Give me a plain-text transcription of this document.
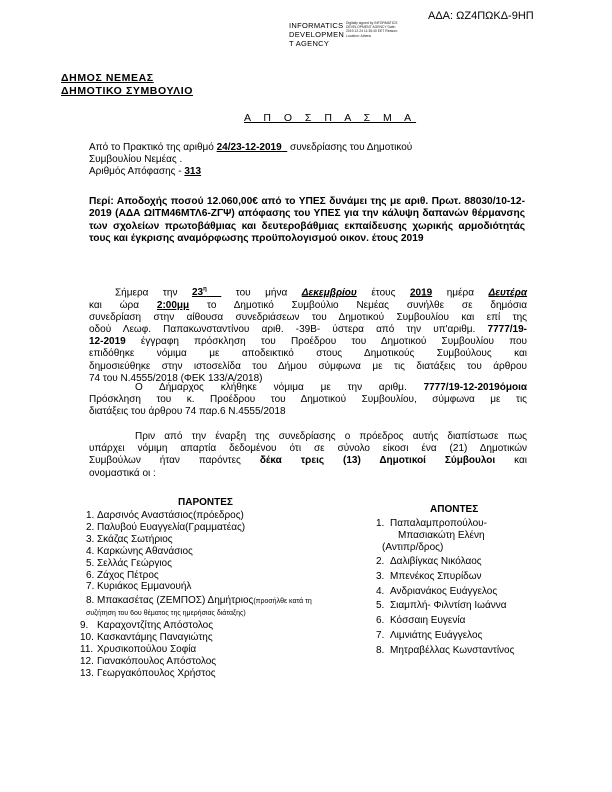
ΑΔΑ: ΩΖ4ΠΩΚΔ-9ΗΠ
INFORMATICS
DEVELOPMEN
T AGENCY
Digitally signed by INFORMATICS DEVELOPMENT AGENCY Date: 2019.12.24 11:35:40 EET Reason: Location: Athens
ΔΗΜΟΣ ΝΕΜΕΑΣ
ΔΗΜΟΤΙΚΟ ΣΥΜΒΟΥΛΙΟ
Α Π Ο Σ Π Α Σ Μ Α
Από το Πρακτικό της αριθμό 24/23-12-2019 συνεδρίασης του Δημοτικού
Συμβουλίου Νεμέας .
Αριθμός Απόφασης - 313
Περί: Αποδοχής ποσού 12.060,00€ από το ΥΠΕΣ δυνάμει της με αριθ. Πρωτ. 88030/10-12-2019 (ΑΔΑ ΩΙΤΜ46ΜΤΛ6-ΖΓΨ) απόφασης του ΥΠΕΣ για την κάλυψη δαπανών θέρμανσης των σχολείων πρωτοβάθμιας και δευτεροβάθμιας εκπαίδευσης χωρικής αρμοδιότητάς τους και έγκρισης αναμόρφωσης προϋπολογισμού οικον. έτους 2019
Σήμερα την $23^\eta$	του μήνα Δεκεμβρίου έτους 2019 ημέρα Δευτέρα
και ώρα 2:00μμ το Δημοτικό Συμβούλιο Νεμέας συνήλθε σε δημόσια
συνεδρίαση στην αίθουσα συνεδριάσεων του Δημοτικού Συμβουλίου και επί της
οδού Λεωφ. Παπακωνσταντίνου αριθ. -39Β- ύστερα από την υπ'αριθμ. 7777/19-
12-2019 έγγραφη πρόσκληση του Προέδρου του Δημοτικού Συμβουλίου που
επιδόθηκε νόμιμα με αποδεικτικό στους Δημοτικούς Συμβούλους και
δημοσιεύθηκε στην ιστοσελίδα του Δήμου σύμφωνα με τις διατάξεις του άρθρου
74 του Ν.4555/2018 (ΦΕΚ 133/Α/2018)
Ο Δήμαρχος κλήθηκε νόμιμα με την αριθμ. 7777/19-12-2019όμοια
Πρόσκληση του κ. Προέδρου του Δημοτικού Συμβουλίου, σύμφωνα με τις
διατάξεις του άρθρου 74 παρ.6 Ν.4555/2018
Πριν από την έναρξη της συνεδρίασης ο πρόεδρος αυτής διαπίστωσε πως
υπάρχει νόμιμη απαρτία δεδομένου ότι σε σύνολο είκοσι ένα (21) Δημοτικών
Συμβούλων ήταν παρόντες δέκα τρεις (13) Δημοτικοί Σύμβουλοι και
ονομαστικά οι :
ΠΑΡΟΝΤΕΣ
1. Δαρσινός Αναστάσιος(πρόεδρος)
2. Παλυβού Ευαγγελία(Γραμματέας)
3. Σκάζας Σωτήριος
4. Καρκώνης Αθανάσιος
5. Σελλάς Γεώργιος
6. Ζάχος Πέτρος
7. Κυριάκος Εμμανουήλ
8. Μπακασέτας (ΖΕΜΠΟΣ) Δημήτριος(προσήλθε κατά τη συζήτηση του 6ου θέματος της ημερήσιας διάταξης)
9. Καραχοντζίτης Απόστολος
10. Κασκαντάμης Παναγιώτης
11. Χρυσικοπούλου Σοφία
12. Γιανακόπουλος Απόστολος
13. Γεωργακόπουλος Χρήστος
ΑΠΟΝΤΕΣ
1. Παπαλαμπροπούλου-
Μπασιακώτη Ελένη
(Αντιπρ/δρος)
2. Δαλιβίγκας Νικόλαος
3. Μπενέκος Σπυρίδων
4. Ανδριανάκος Ευάγγελος
5. Σιαμπλή- Φιλντίση Ιωάννα
6. Κόσσαιη Ευγενία
7. Λιμνιάτης Ευάγγελος
8. Μητραβέλλας Κωνσταντίνος
